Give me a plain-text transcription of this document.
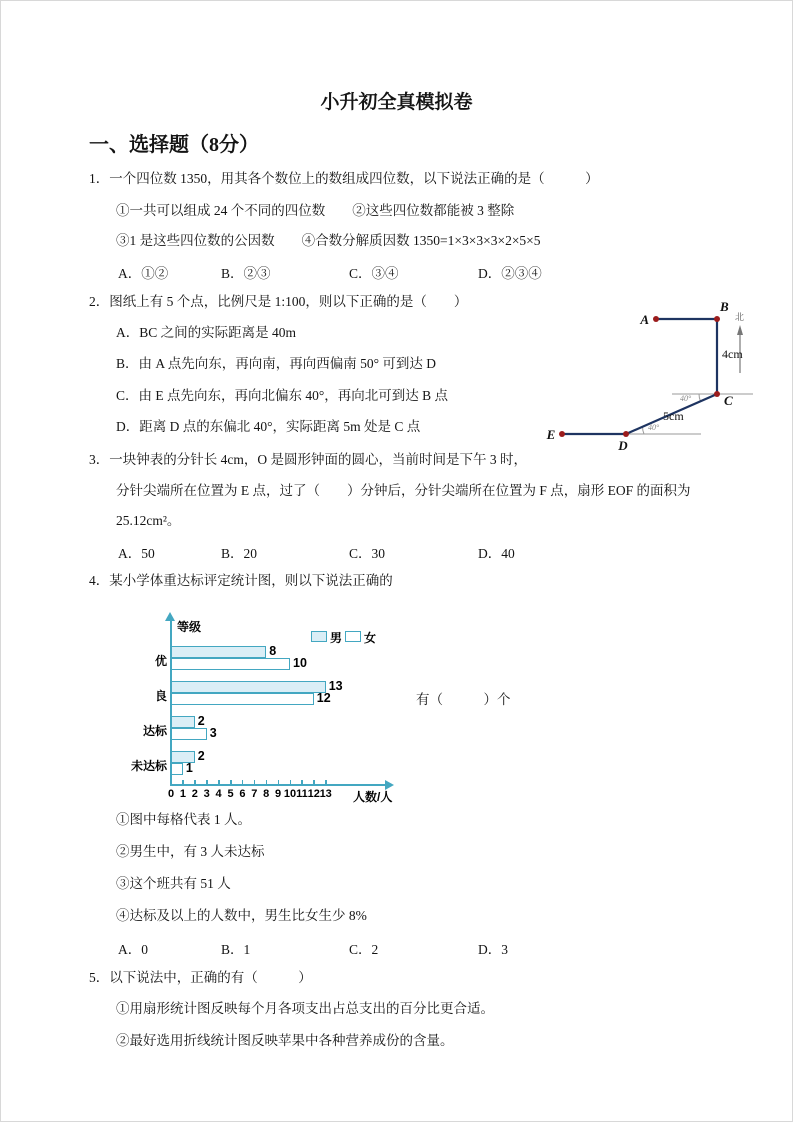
小升初全真模拟卷
一、选择题（8分）
1．一个四位数 1350，用其各个数位上的数组成四位数，以下说法正确的是（　　　）
①一共可以组成 24 个不同的四位数　　②这些四位数都能被 3 整除
③1 是这些四位数的公因数　　④合数分解质因数 1350=1×3×3×3×2×5×5
A．①②	B．②③	C．③④	D．②③④
2．图纸上有 5 个点，比例尺是 1:100，则以下正确的是（　　）
A．BC 之间的实际距离是 40m
B．由 A 点先向东，再向南，再向西偏南 50° 可到达 D
C．由 E 点先向东，再向北偏东 40°，再向北可到达 B 点
D．距离 D 点的东偏北 40°，实际距离 5m 处是 C 点
北
A
B
C
D
E
4cm
5cm
40°
40°
3．一块钟表的分针长 4cm，O 是圆形钟面的圆心，当前时间是下午 3 时，
分针尖端所在位置为 E 点，过了（　　）分钟后，分针尖端所在位置为 F 点，扇形 EOF 的面积为
25.12cm²。
A．50	B．20	C．30	D．40
4．某小学体重达标评定统计图，则以下说法正确的
等级
人数/人
0 1 2 3 4 5 6 7 8 9 10 11 12 13
8
10
优
13
12
良
2
3
达标
2
1
未达标
男 女
有（　　　）个
①图中每格代表 1 人。
②男生中，有 3 人未达标
③这个班共有 51 人
④达标及以上的人数中，男生比女生少 8%
A．0	B．1	C．2	D．3
5．以下说法中，正确的有（　　　）
①用扇形统计图反映每个月各项支出占总支出的百分比更合适。
②最好选用折线统计图反映苹果中各种营养成份的含量。
